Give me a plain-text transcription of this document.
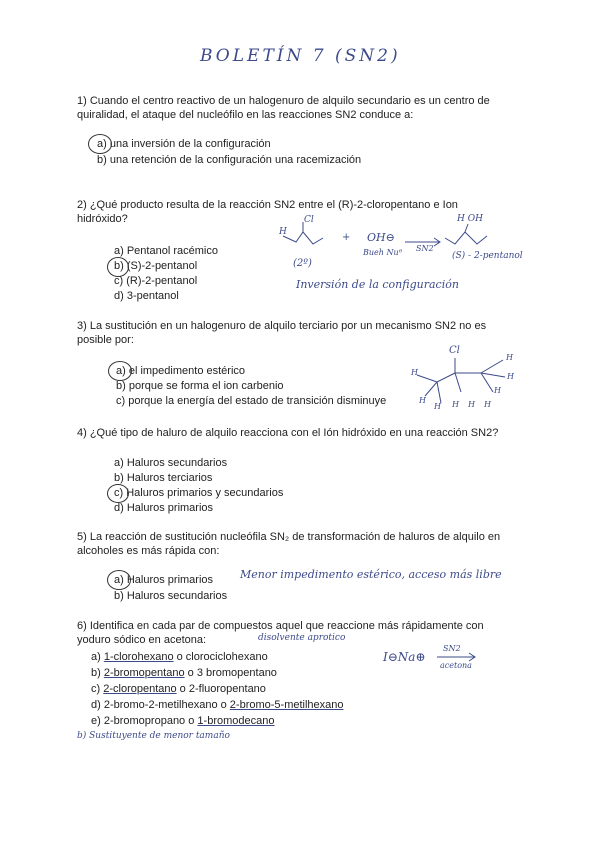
BOLETÍN 7 (SN2)
1) Cuando el centro reactivo de un halogenuro de alquilo secundario es un centro de quiralidad, el ataque del nucleófilo en las reacciones SN2 conduce a:
a) una inversión de la configuración
b) una retención de la configuración una racemización
2) ¿Qué producto resulta de la reacción SN2 entre el (R)-2-cloropentano e Ion hidróxido?
a) Pentanol racémico
b) (S)-2-pentanol
c) (R)-2-pentanol
d) 3-pentanol
Cl
H
(2º)
+ OH⊖
Bueh Nuᶿ SN2
H OH
(S) - 2-pentanol
Inversión de la configuración
3) La sustitución en un halogenuro de alquilo terciario por un mecanismo SN2 no es posible por:
a) el impedimento estérico
b) porque se forma el ion carbenio
c) porque la energía del estado de transición disminuye
Cl
H
H
H
H
H
H H H H
4) ¿Qué tipo de haluro de alquilo reacciona con el Ión hidróxido en una reacción SN2?
a) Haluros secundarios
b) Haluros terciarios
c) Haluros primarios y secundarios
d) Haluros primarios
5) La reacción de sustitución nucleófila SN₂ de transformación de haluros de alquilo en alcoholes es más rápida con:
a) Haluros primarios
b) Haluros secundarios
Menor impedimento estérico, acceso más libre
6) Identifica en cada par de compuestos aquel que reaccione más rápidamente con yoduro sódico en acetona:	disolvente aprotico
I⊖Na⊕
SN2
acetona
a) 1-clorohexano o clorociclohexano
b) 2-bromopentano o 3 bromopentano
c) 2-cloropentano o 2-fluoropentano
d) 2-bromo-2-metilhexano o 2-bromo-5-metilhexano
e) 2-bromopropano o 1-bromodecano
b) Sustituyente de menor tamaño
